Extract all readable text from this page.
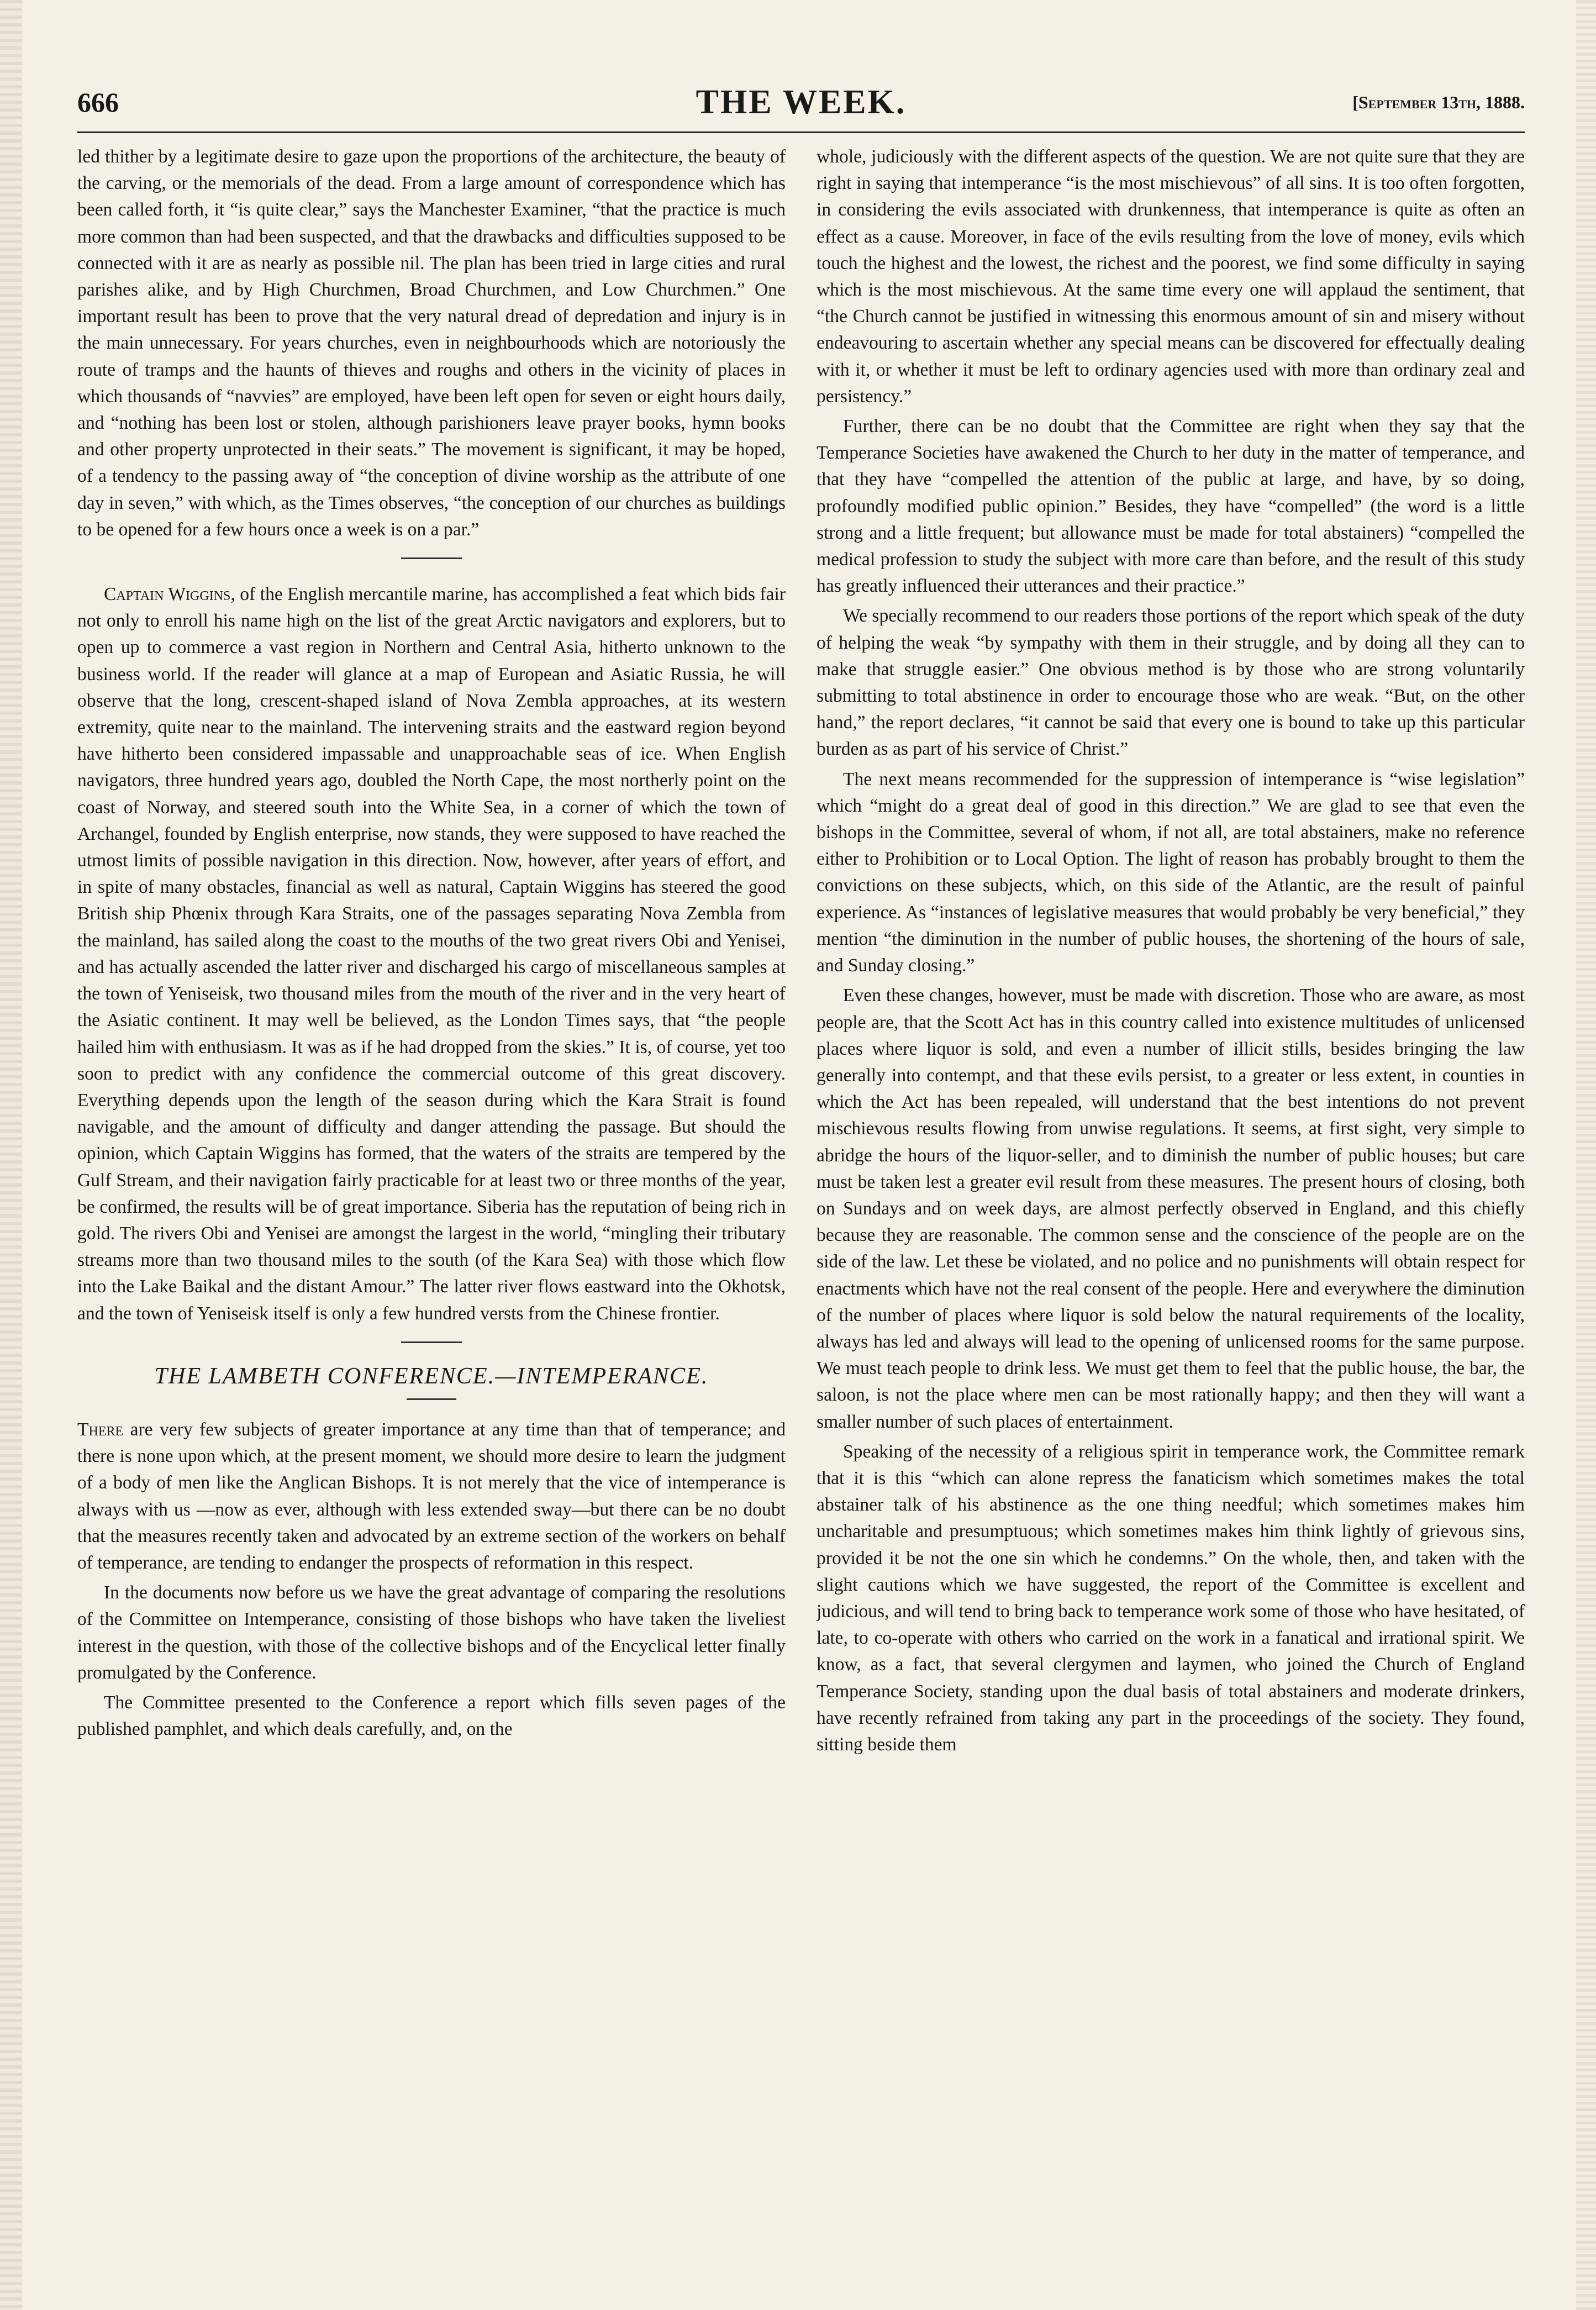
666	THE WEEK.	[September 13th, 1888.

led thither by a legitimate desire to gaze upon the proportions of the architecture, the beauty of the carving, or the memorials of the dead. From a large amount of correspondence which has been called forth, it “is quite clear,” says the Manchester Examiner, “that the practice is much more common than had been suspected, and that the drawbacks and difficulties supposed to be connected with it are as nearly as possible nil. The plan has been tried in large cities and rural parishes alike, and by High Churchmen, Broad Churchmen, and Low Churchmen.” One important result has been to prove that the very natural dread of depredation and injury is in the main unnecessary. For years churches, even in neighbourhoods which are notoriously the route of tramps and the haunts of thieves and roughs and others in the vicinity of places in which thousands of “navvies” are employed, have been left open for seven or eight hours daily, and “nothing has been lost or stolen, although parishioners leave prayer books, hymn books and other property unprotected in their seats.” The movement is significant, it may be hoped, of a tendency to the passing away of “the conception of divine worship as the attribute of one day in seven,” with which, as the Times observes, “the conception of our churches as buildings to be opened for a few hours once a week is on a par.”

Captain Wiggins, of the English mercantile marine, has accomplished a feat which bids fair not only to enroll his name high on the list of the great Arctic navigators and explorers, but to open up to commerce a vast region in Northern and Central Asia, hitherto unknown to the business world. If the reader will glance at a map of European and Asiatic Russia, he will observe that the long, crescent-shaped island of Nova Zembla approaches, at its western extremity, quite near to the mainland. The intervening straits and the eastward region beyond have hitherto been considered impassable and unapproachable seas of ice. When English navigators, three hundred years ago, doubled the North Cape, the most northerly point on the coast of Norway, and steered south into the White Sea, in a corner of which the town of Archangel, founded by English enterprise, now stands, they were supposed to have reached the utmost limits of possible navigation in this direction. Now, however, after years of effort, and in spite of many obstacles, financial as well as natural, Captain Wiggins has steered the good British ship Phœnix through Kara Straits, one of the passages separating Nova Zembla from the mainland, has sailed along the coast to the mouths of the two great rivers Obi and Yenisei, and has actually ascended the latter river and discharged his cargo of miscellaneous samples at the town of Yeniseisk, two thousand miles from the mouth of the river and in the very heart of the Asiatic continent. It may well be believed, as the London Times says, that “the people hailed him with enthusiasm. It was as if he had dropped from the skies.” It is, of course, yet too soon to predict with any confidence the commercial outcome of this great discovery. Everything depends upon the length of the season during which the Kara Strait is found navigable, and the amount of difficulty and danger attending the passage. But should the opinion, which Captain Wiggins has formed, that the waters of the straits are tempered by the Gulf Stream, and their navigation fairly practicable for at least two or three months of the year, be confirmed, the results will be of great importance. Siberia has the reputation of being rich in gold. The rivers Obi and Yenisei are amongst the largest in the world, “mingling their tributary streams more than two thousand miles to the south (of the Kara Sea) with those which flow into the Lake Baikal and the distant Amour.” The latter river flows eastward into the Okhotsk, and the town of Yeniseisk itself is only a few hundred versts from the Chinese frontier.

THE LAMBETH CONFERENCE.—INTEMPERANCE.

There are very few subjects of greater importance at any time than that of temperance; and there is none upon which, at the present moment, we should more desire to learn the judgment of a body of men like the Anglican Bishops. It is not merely that the vice of intemperance is always with us —now as ever, although with less extended sway—but there can be no doubt that the measures recently taken and advocated by an extreme section of the workers on behalf of temperance, are tending to endanger the prospects of reformation in this respect.

In the documents now before us we have the great advantage of comparing the resolutions of the Committee on Intemperance, consisting of those bishops who have taken the liveliest interest in the question, with those of the collective bishops and of the Encyclical letter finally promulgated by the Conference.

The Committee presented to the Conference a report which fills seven pages of the published pamphlet, and which deals carefully, and, on the

whole, judiciously with the different aspects of the question. We are not quite sure that they are right in saying that intemperance “is the most mischievous” of all sins. It is too often forgotten, in considering the evils associated with drunkenness, that intemperance is quite as often an effect as a cause. Moreover, in face of the evils resulting from the love of money, evils which touch the highest and the lowest, the richest and the poorest, we find some difficulty in saying which is the most mischievous. At the same time every one will applaud the sentiment, that “the Church cannot be justified in witnessing this enormous amount of sin and misery without endeavouring to ascertain whether any special means can be discovered for effectually dealing with it, or whether it must be left to ordinary agencies used with more than ordinary zeal and persistency.”

Further, there can be no doubt that the Committee are right when they say that the Temperance Societies have awakened the Church to her duty in the matter of temperance, and that they have “compelled the attention of the public at large, and have, by so doing, profoundly modified public opinion.” Besides, they have “compelled” (the word is a little strong and a little frequent; but allowance must be made for total abstainers) “compelled the medical profession to study the subject with more care than before, and the result of this study has greatly influenced their utterances and their practice.”

We specially recommend to our readers those portions of the report which speak of the duty of helping the weak “by sympathy with them in their struggle, and by doing all they can to make that struggle easier.” One obvious method is by those who are strong voluntarily submitting to total abstinence in order to encourage those who are weak. “But, on the other hand,” the report declares, “it cannot be said that every one is bound to take up this particular burden as as part of his service of Christ.”

The next means recommended for the suppression of intemperance is “wise legislation” which “might do a great deal of good in this direction.” We are glad to see that even the bishops in the Committee, several of whom, if not all, are total abstainers, make no reference either to Prohibition or to Local Option. The light of reason has probably brought to them the convictions on these subjects, which, on this side of the Atlantic, are the result of painful experience. As “instances of legislative measures that would probably be very beneficial,” they mention “the diminution in the number of public houses, the shortening of the hours of sale, and Sunday closing.”

Even these changes, however, must be made with discretion. Those who are aware, as most people are, that the Scott Act has in this country called into existence multitudes of unlicensed places where liquor is sold, and even a number of illicit stills, besides bringing the law generally into contempt, and that these evils persist, to a greater or less extent, in counties in which the Act has been repealed, will understand that the best intentions do not prevent mischievous results flowing from unwise regulations. It seems, at first sight, very simple to abridge the hours of the liquor-seller, and to diminish the number of public houses; but care must be taken lest a greater evil result from these measures. The present hours of closing, both on Sundays and on week days, are almost perfectly observed in England, and this chiefly because they are reasonable. The common sense and the conscience of the people are on the side of the law. Let these be violated, and no police and no punishments will obtain respect for enactments which have not the real consent of the people. Here and everywhere the diminution of the number of places where liquor is sold below the natural requirements of the locality, always has led and always will lead to the opening of unlicensed rooms for the same purpose. We must teach people to drink less. We must get them to feel that the public house, the bar, the saloon, is not the place where men can be most rationally happy; and then they will want a smaller number of such places of entertainment.

Speaking of the necessity of a religious spirit in temperance work, the Committee remark that it is this “which can alone repress the fanaticism which sometimes makes the total abstainer talk of his abstinence as the one thing needful; which sometimes makes him uncharitable and presumptuous; which sometimes makes him think lightly of grievous sins, provided it be not the one sin which he condemns.” On the whole, then, and taken with the slight cautions which we have suggested, the report of the Committee is excellent and judicious, and will tend to bring back to temperance work some of those who have hesitated, of late, to co-operate with others who carried on the work in a fanatical and irrational spirit. We know, as a fact, that several clergymen and laymen, who joined the Church of England Temperance Society, standing upon the dual basis of total abstainers and moderate drinkers, have recently refrained from taking any part in the proceedings of the society. They found, sitting beside them
